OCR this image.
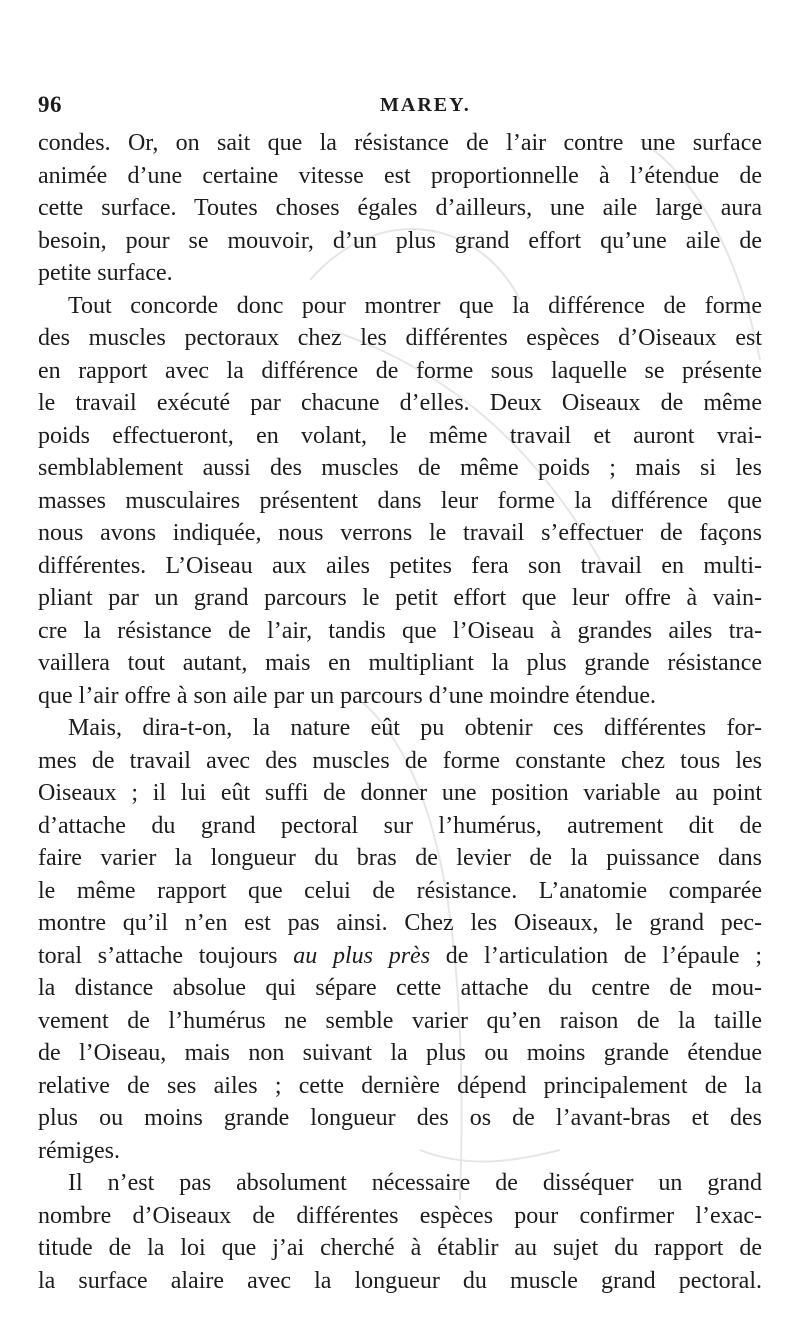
96	MAREY.
condes. Or, on sait que la résistance de l’air contre une surface
animée d’une certaine vitesse est proportionnelle à l’étendue de
cette surface. Toutes choses égales d’ailleurs, une aile large aura
besoin, pour se mouvoir, d’un plus grand effort qu’une aile de
petite surface.
Tout concorde donc pour montrer que la différence de forme
des muscles pectoraux chez les différentes espèces d’Oiseaux est
en rapport avec la différence de forme sous laquelle se présente
le travail exécuté par chacune d’elles. Deux Oiseaux de même
poids effectueront, en volant, le même travail et auront vrai-
semblablement aussi des muscles de même poids ; mais si les
masses musculaires présentent dans leur forme la différence que
nous avons indiquée, nous verrons le travail s’effectuer de façons
différentes. L’Oiseau aux ailes petites fera son travail en multi-
pliant par un grand parcours le petit effort que leur offre à vain-
cre la résistance de l’air, tandis que l’Oiseau à grandes ailes tra-
vaillera tout autant, mais en multipliant la plus grande résistance
que l’air offre à son aile par un parcours d’une moindre étendue.
Mais, dira-t-on, la nature eût pu obtenir ces différentes for-
mes de travail avec des muscles de forme constante chez tous les
Oiseaux ; il lui eût suffi de donner une position variable au point
d’attache du grand pectoral sur l’humérus, autrement dit de
faire varier la longueur du bras de levier de la puissance dans
le même rapport que celui de résistance. L’anatomie comparée
montre qu’il n’en est pas ainsi. Chez les Oiseaux, le grand pec-
toral s’attache toujours au plus près de l’articulation de l’épaule ;
la distance absolue qui sépare cette attache du centre de mou-
vement de l’humérus ne semble varier qu’en raison de la taille
de l’Oiseau, mais non suivant la plus ou moins grande étendue
relative de ses ailes ; cette dernière dépend principalement de la
plus ou moins grande longueur des os de l’avant-bras et des
rémiges.
Il n’est pas absolument nécessaire de disséquer un grand
nombre d’Oiseaux de différentes espèces pour confirmer l’exac-
titude de la loi que j’ai cherché à établir au sujet du rapport de
la surface alaire avec la longueur du muscle grand pectoral.
